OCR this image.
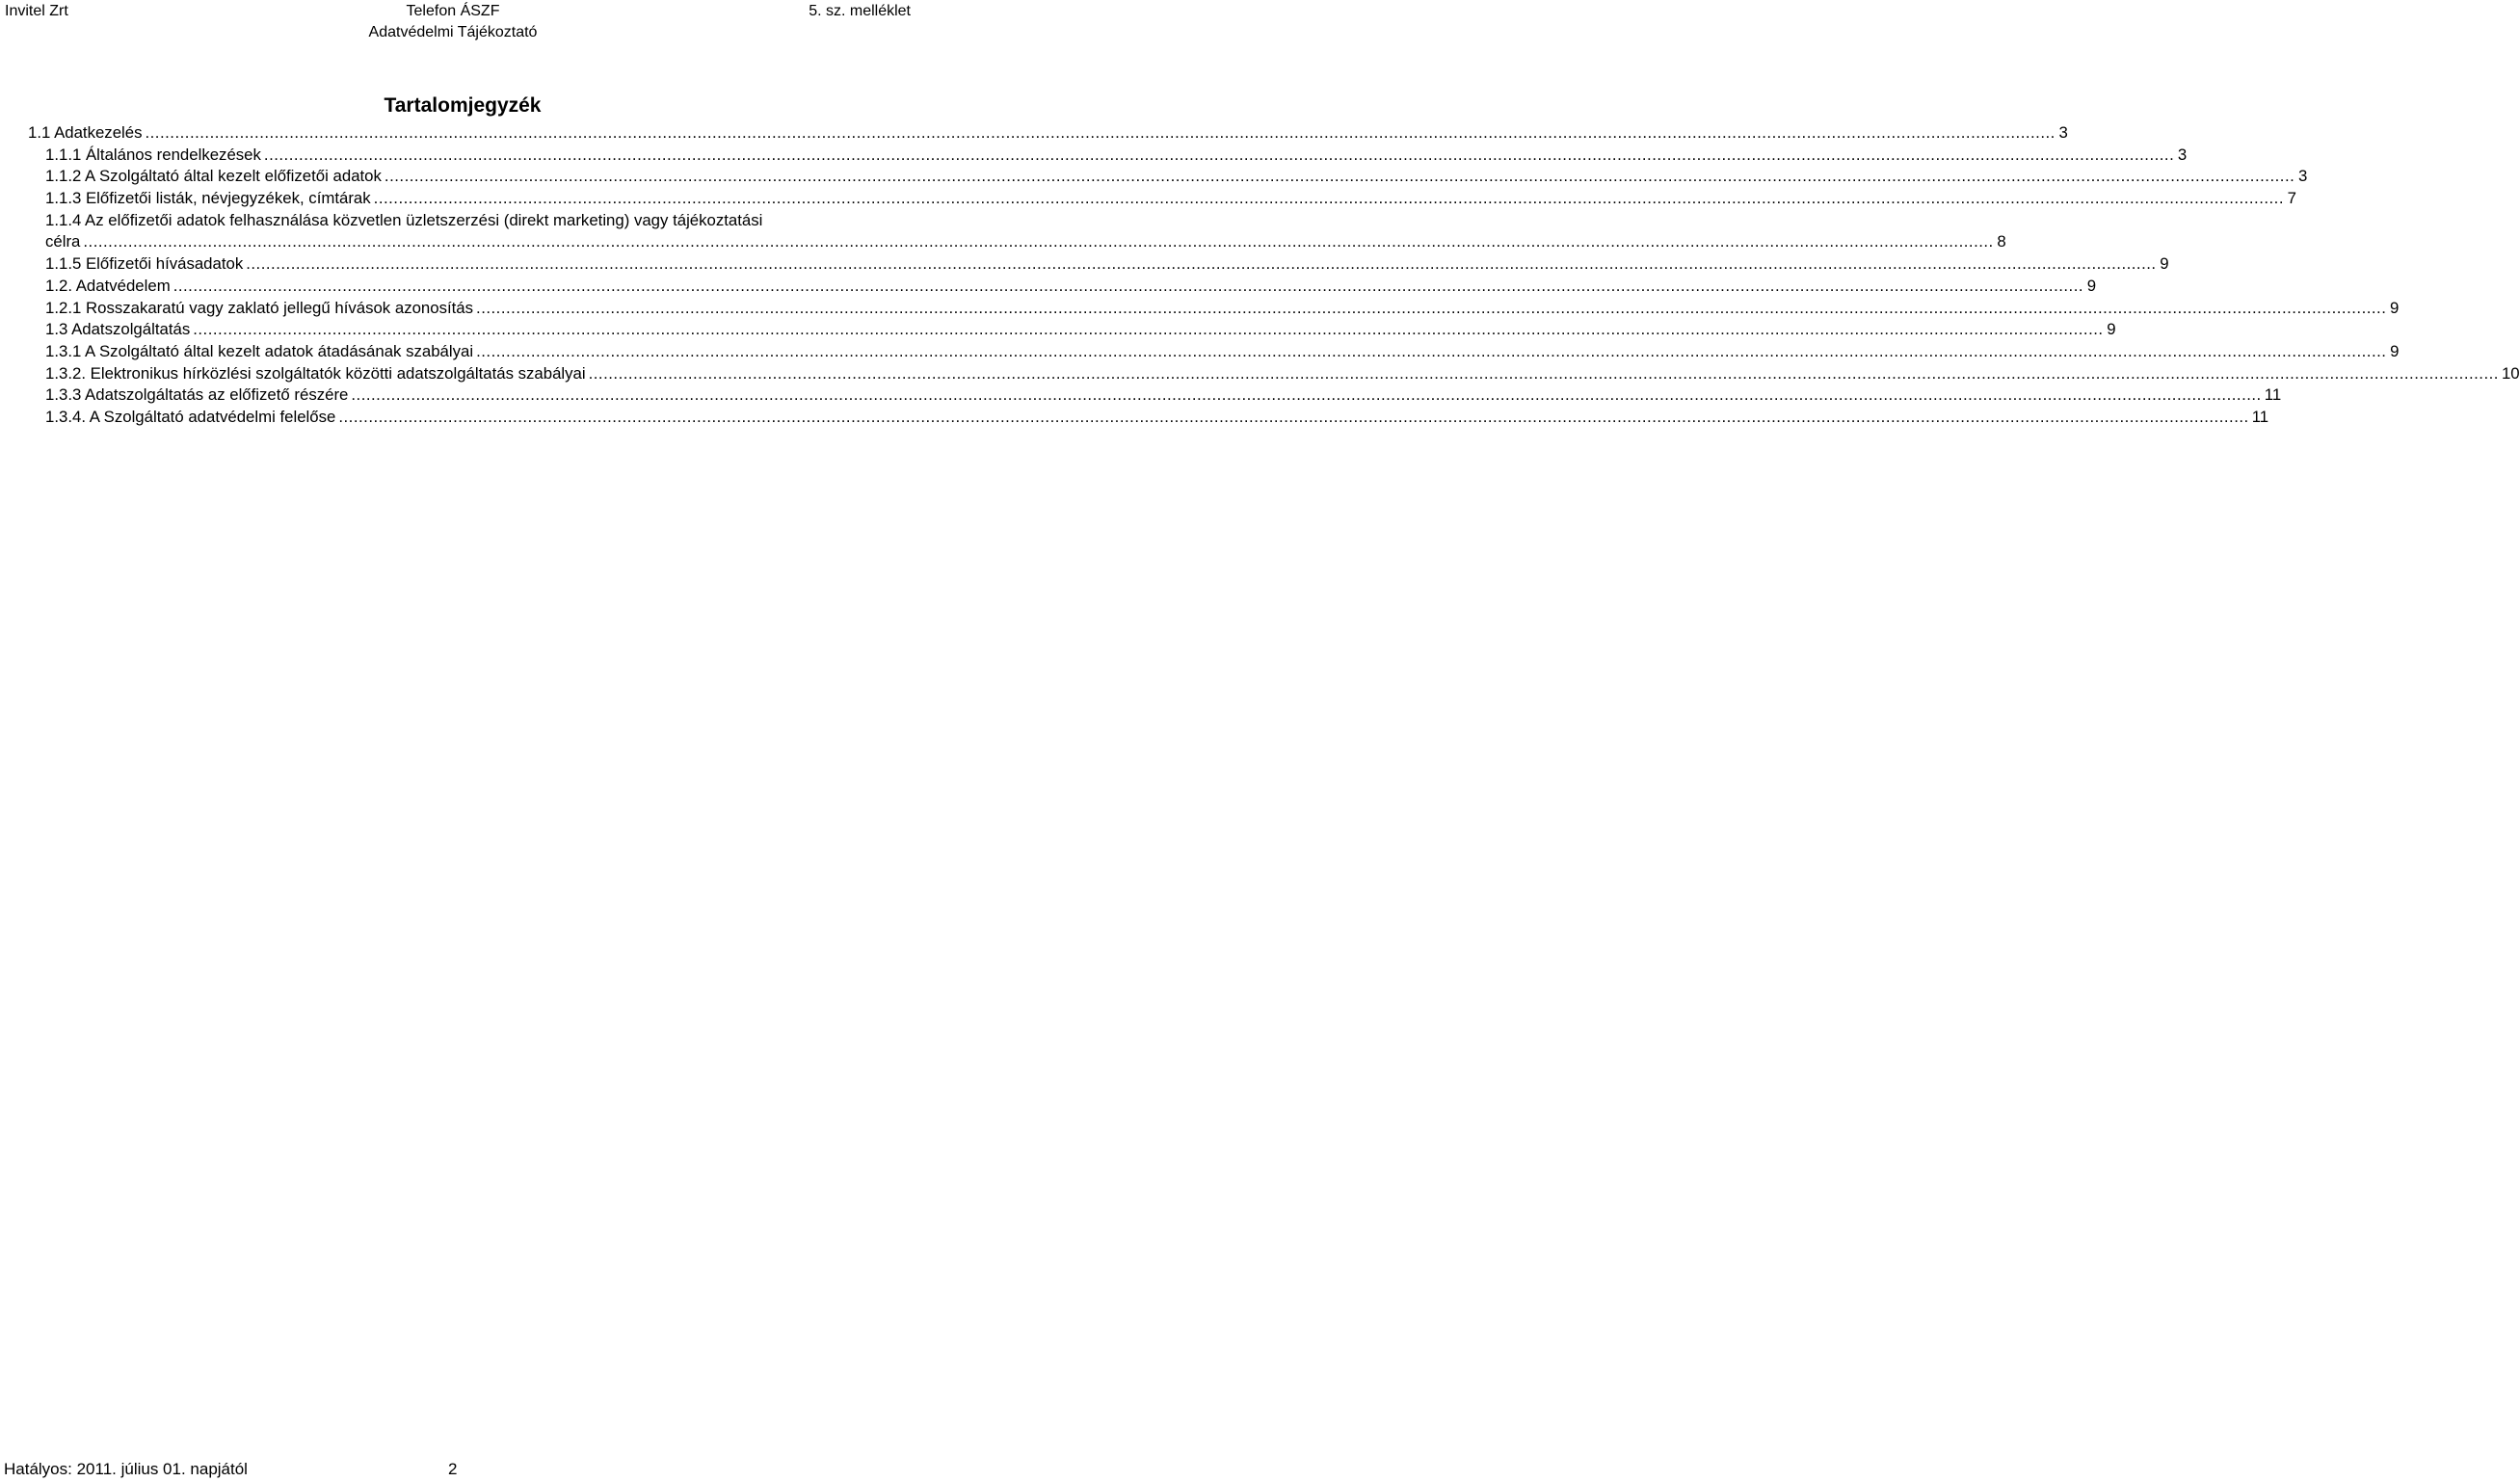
Invitel Zrt	Telefon ÁSZF	5. sz. melléklet
Adatvédelmi Tájékoztató
Tartalomjegyzék
1.1 Adatkezelés .....	3
1.1.1 Általános rendelkezések .....	3
1.1.2 A Szolgáltató által kezelt előfizetői adatok .....	3
1.1.3 Előfizetői listák, névjegyzékek, címtárak .....	7
1.1.4 Az előfizetői adatok felhasználása közvetlen üzletszerzési (direkt marketing) vagy tájékoztatási
célra .....	8
1.1.5 Előfizetői hívásadatok .....	9
1.2. Adatvédelem .....	9
1.2.1 Rosszakaratú vagy zaklató jellegű hívások azonosítás .....	9
1.3 Adatszolgáltatás .....	9
1.3.1 A Szolgáltató által kezelt adatok átadásának szabályai .....	9
1.3.2. Elektronikus hírközlési szolgáltatók közötti adatszolgáltatás szabályai .....	10
1.3.3 Adatszolgáltatás az előfizető részére .....	11
1.3.4. A Szolgáltató adatvédelmi felelőse .....	11
Hatályos: 2011. július 01. napjától	2
